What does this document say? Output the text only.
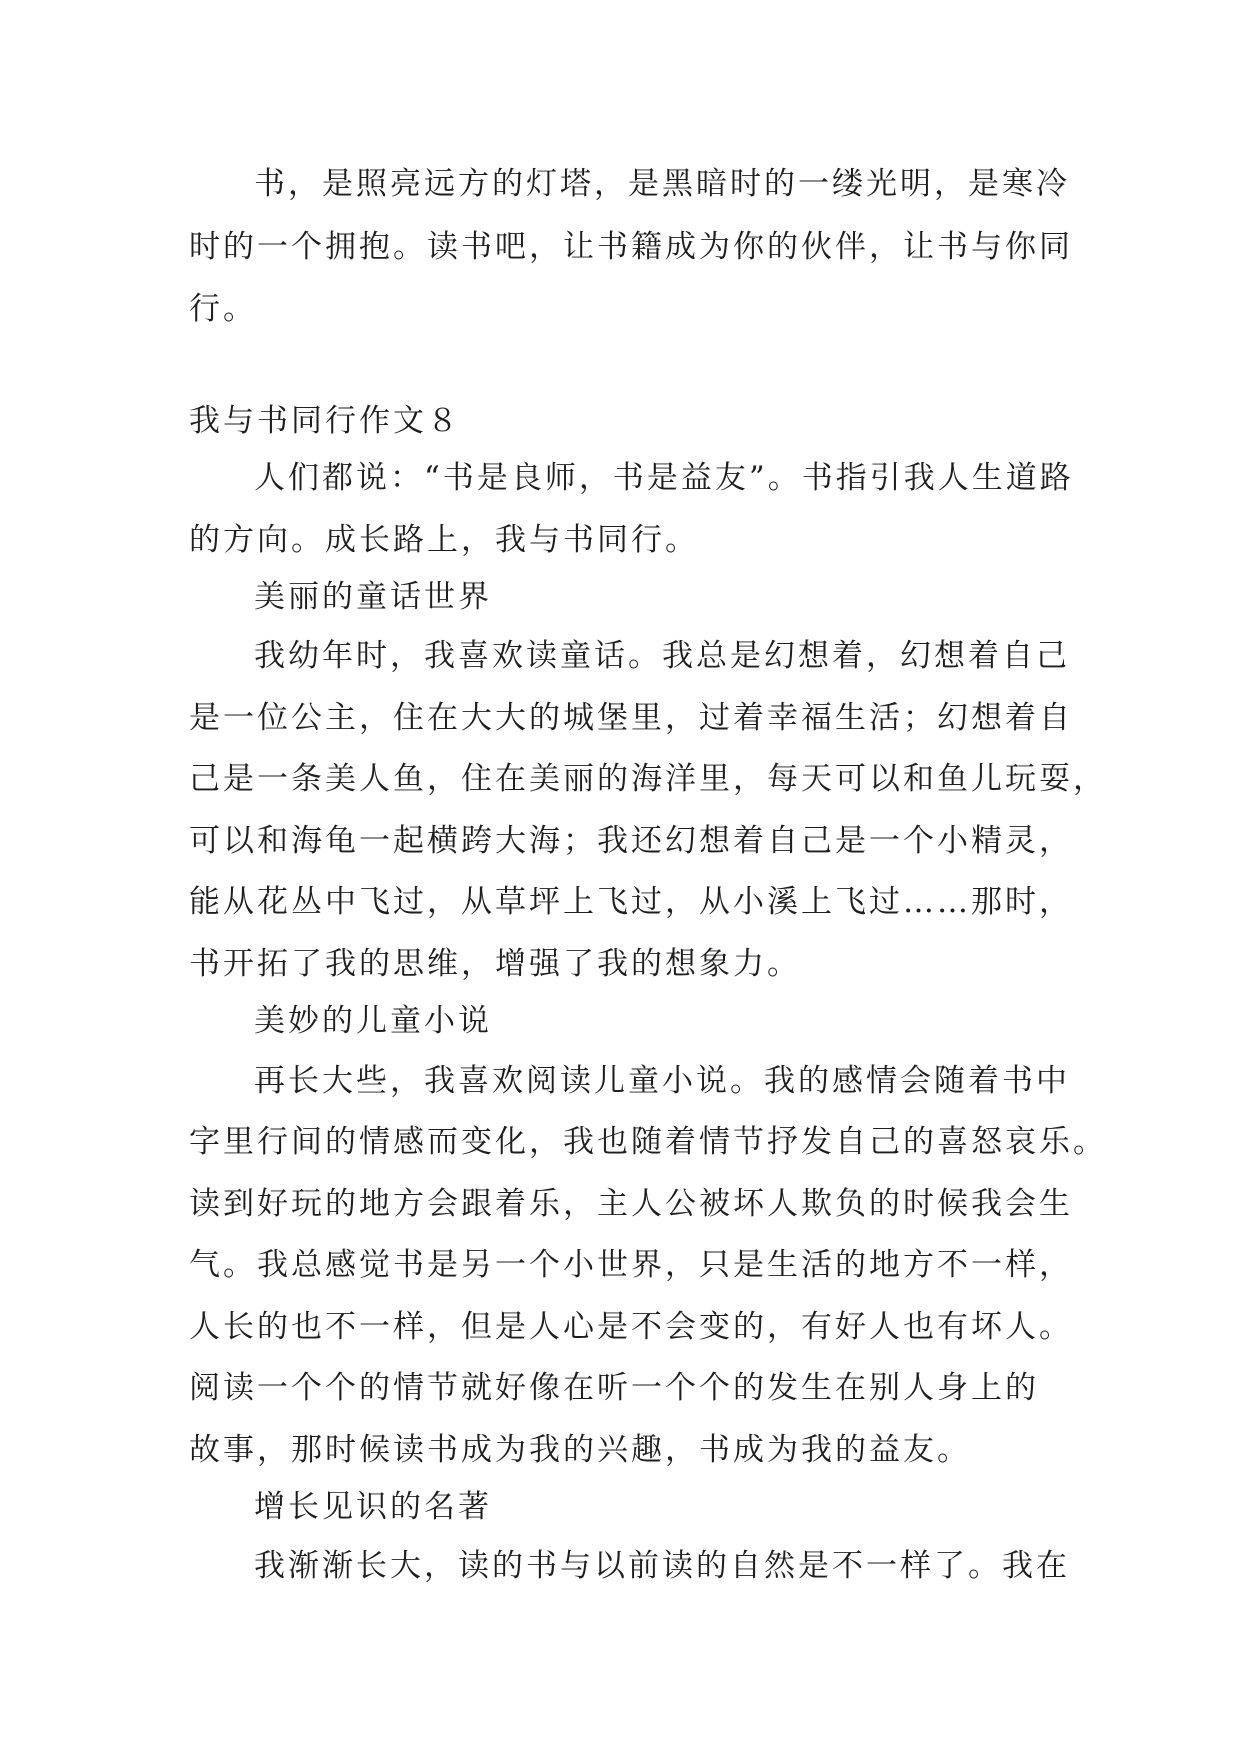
书，是照亮远方的灯塔，是黑暗时的一缕光明，是寒冷
时的一个拥抱。读书吧，让书籍成为你的伙伴，让书与你同
行。
我与书同行作文８
人们都说：“书是良师，书是益友”。书指引我人生道路
的方向。成长路上，我与书同行。
美丽的童话世界
我幼年时，我喜欢读童话。我总是幻想着，幻想着自己
是一位公主，住在大大的城堡里，过着幸福生活；幻想着自
己是一条美人鱼，住在美丽的海洋里，每天可以和鱼儿玩耍，
可以和海龟一起横跨大海；我还幻想着自己是一个小精灵，
能从花丛中飞过，从草坪上飞过，从小溪上飞过……那时，
书开拓了我的思维，增强了我的想象力。
美妙的儿童小说
再长大些，我喜欢阅读儿童小说。我的感情会随着书中
字里行间的情感而变化，我也随着情节抒发自己的喜怒哀乐。
读到好玩的地方会跟着乐，主人公被坏人欺负的时候我会生
气。我总感觉书是另一个小世界，只是生活的地方不一样，
人长的也不一样，但是人心是不会变的，有好人也有坏人。
阅读一个个的情节就好像在听一个个的发生在别人身上的
故事，那时候读书成为我的兴趣，书成为我的益友。
增长见识的名著
我渐渐长大，读的书与以前读的自然是不一样了。我在
